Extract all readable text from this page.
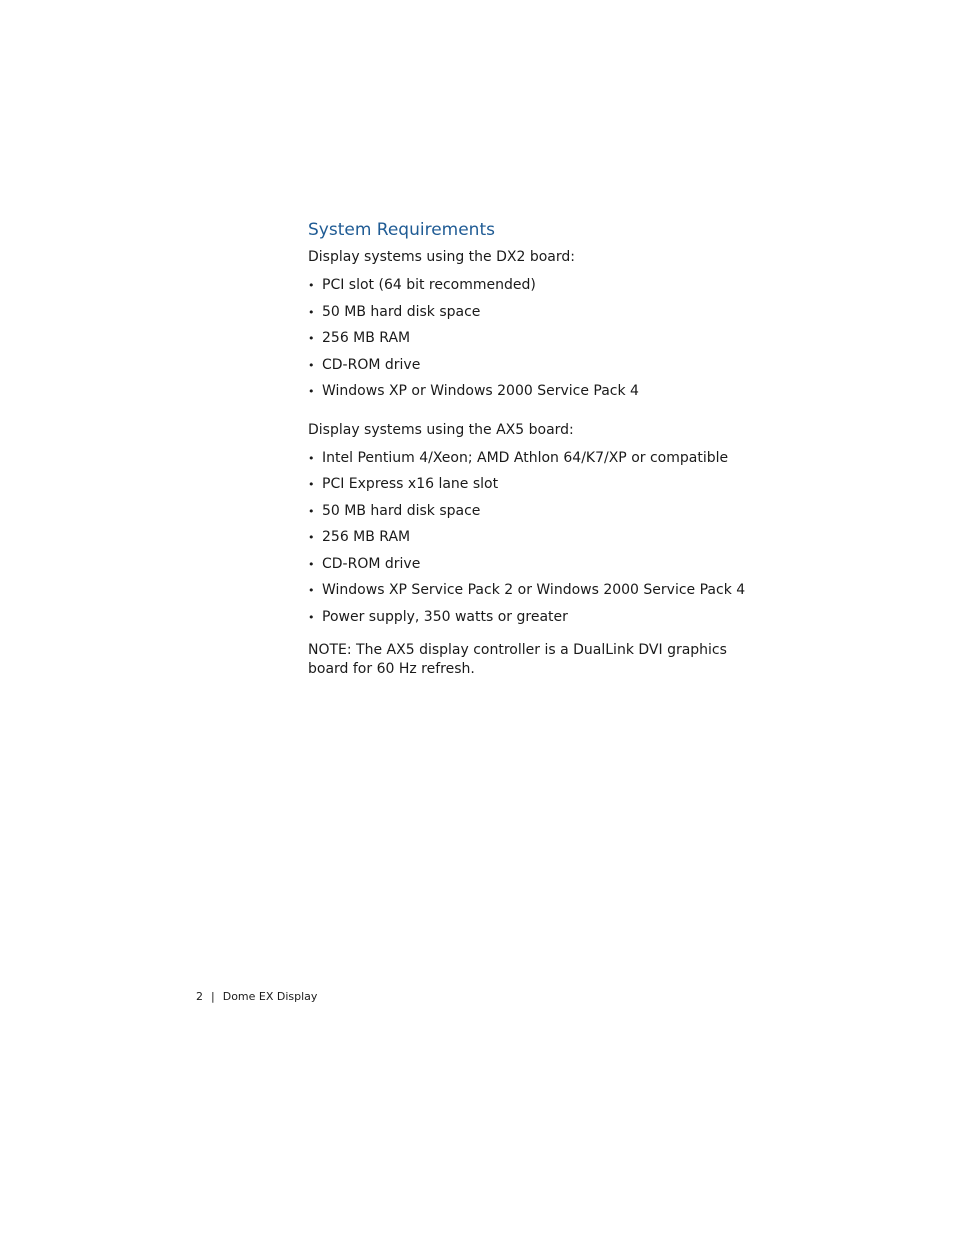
System Requirements

Display systems using the DX2 board:

• PCI slot (64 bit recommended)
• 50 MB hard disk space
• 256 MB RAM
• CD-ROM drive
• Windows XP or Windows 2000 Service Pack 4

Display systems using the AX5 board:

• Intel Pentium 4/Xeon; AMD Athlon 64/K7/XP or compatible
• PCI Express x16 lane slot
• 50 MB hard disk space
• 256 MB RAM
• CD-ROM drive
• Windows XP Service Pack 2 or Windows 2000 Service Pack 4
• Power supply, 350 watts or greater

NOTE: The AX5 display controller is a DualLink DVI graphics board for 60 Hz refresh.

2 | Dome EX Display
